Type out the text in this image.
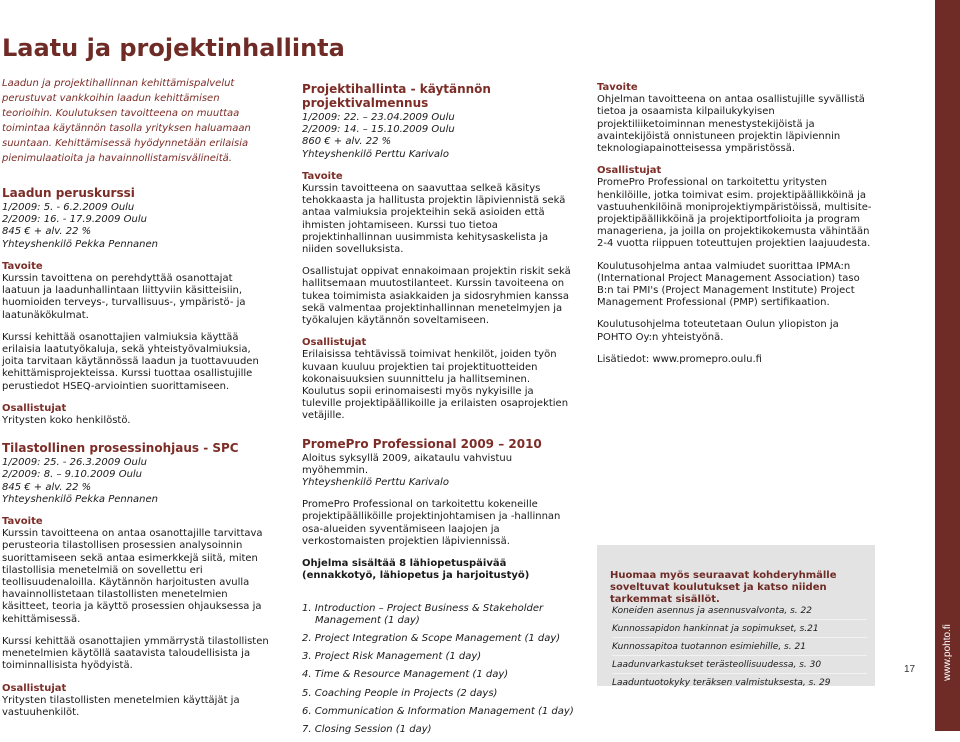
www.pohto.fi
17
Laatu ja projektinhallinta

Laadun ja projektihallinnan kehittämispalvelut perustuvat vankkoihin laadun kehittämisen teorioihin. Koulutuksen tavoitteena on muuttaa toimintaa käytännön tasolla yrityksen haluamaan suuntaan. Kehittämisessä hyödynnetään erilaisia pienimulaatioita ja havainnollistamisvälineitä.

Laadun peruskurssi
1/2009: 5. - 6.2.2009 Oulu
2/2009: 16. - 17.9.2009 Oulu
845 € + alv. 22 %
Yhteyshenkilö Pekka Pennanen
Tavoite

Kurssin tavoittena on perehdyttää osanottajat laatuun ja laadunhallintaan liittyviin käsitteisiin, huomioiden terveys-, turvallisuus-, ympäristö- ja laatunäkökulmat.

Kurssi kehittää osanottajien valmiuksia käyttää erilaisia laatutyökaluja, sekä yhteistyövalmiuksia, joita tarvitaan käytännössä laadun ja tuottavuuden kehittämisprojekteissa. Kurssi tuottaa osallistujille perustiedot HSEQ-arviointien suorittamiseen.

Osallistujat

Yritysten koko henkilöstö.

Tilastollinen prosessinohjaus - SPC
1/2009: 25. - 26.3.2009 Oulu
2/2009: 8. – 9.10.2009 Oulu
845 € + alv. 22 %
Yhteyshenkilö Pekka Pennanen
Tavoite

Kurssin tavoitteena on antaa osanottajille tarvittava perusteoria tilastollisen prosessien analysoinnin suorittamiseen sekä antaa esimerkkejä siitä, miten tilastollisia menetelmiä on sovellettu eri teollisuudenaloilla. Käytännön harjoitusten avulla havainnollistetaan tilastollisten menetelmien käsitteet, teoria ja käyttö prosessien ohjauksessa ja kehittämisessä.

Kurssi kehittää osanottajien ymmärrystä tilastollisten menetelmien käytöllä saatavista taloudellisista ja toiminnallisista hyödyistä.

Osallistujat

Yritysten tilastollisten menetelmien käyttäjät ja vastuuhenkilöt.

Projektihallinta - käytännön projektivalmennus
1/2009: 22. – 23.04.2009 Oulu
2/2009: 14. – 15.10.2009 Oulu
860 € + alv. 22 %
Yhteyshenkilö Perttu Karivalo
Tavoite

Kurssin tavoitteena on saavuttaa selkeä käsitys tehokkaasta ja hallitusta projektin läpiviennistä sekä antaa valmiuksia projekteihin sekä asioiden että ihmisten johtamiseen. Kurssi tuo tietoa projektinhallinnan uusimmista kehitysaskelista ja niiden sovelluksista.

Osallistujat oppivat ennakoimaan projektin riskit sekä hallitsemaan muutostilanteet. Kurssin tavoiteena on tukea toimimista asiakkaiden ja sidosryhmien kanssa sekä valmentaa projektinhallinnan menetelmyjen ja työkalujen käytännön soveltamiseen.

Osallistujat

Erilaisissa tehtävissä toimivat henkilöt, joiden työn kuvaan kuuluu projektien tai projektituotteiden kokonaisuuksien suunnittelu ja hallitseminen. Koulutus sopii erinomaisesti myös nykyisille ja tuleville projektipäällikoille ja erilaisten osaprojektien vetäjille.

PromePro Professional 2009 – 2010
Aloitus syksyllä 2009, aikataulu vahvistuu myöhemmin.
Yhteyshenkilö Perttu Karivalo

PromePro Professional on tarkoitettu kokeneille projektipäälliköille projektinjohtamisen ja -hallinnan osa-alueiden syventämiseen laajojen ja verkostomaisten projektien läpiviennissä.

Ohjelma sisältää 8 lähiopetuspäivää (ennakkotyö, lähiopetus ja harjoitustyö)

1. Introduction – Project Business & Stakeholder Management (1 day)
2. Project Integration & Scope Management (1 day)
3. Project Risk Management (1 day)
4. Time & Resource Management (1 day)
5. Coaching People in Projects (2 days)
6. Communication & Information Management (1 day)
7. Closing Session (1 day)
Tavoite

Ohjelman tavoitteena on antaa osallistujille syvällistä tietoa ja osaamista kilpailukykyisen projektiliiketoiminnan menestystekijöistä ja avaintekijöistä onnistuneen projektin läpiviennin teknologiapainotteisessa ympäristössä.

Osallistujat

PromePro Professional on tarkoitettu yritysten henkilöille, jotka toimivat esim. projektipäällikköinä ja vastuuhenkilöinä moniprojektiympäristöissä, multisite-projektipäällikköinä ja projektiportfolioita ja program manageriena, ja joilla on projektikokemusta vähintään 2-4 vuotta riippuen toteuttujen projektien laajuudesta.

Koulutusohjelma antaa valmiudet suorittaa IPMA:n (International Project Management Association) taso B:n tai PMI's (Project Management Institute) Project Management Professional (PMP) sertifikaation.

Koulutusohjelma toteutetaan Oulun yliopiston ja POHTO Oy:n yhteistyönä.

Lisätiedot: www.promepro.oulu.fi

Huomaa myös seuraavat kohderyhmälle soveltuvat koulutukset ja katso niiden tarkemmat sisällöt.
Koneiden asennus ja asennusvalvonta, s. 22
Kunnossapidon hankinnat ja sopimukset, s.21
Kunnossapitoa tuotannon esimiehille, s. 21
Laadunvarkastukset terästeollisuudessa, s. 30
Laaduntuotokyky teräksen valmistuksesta, s. 29
